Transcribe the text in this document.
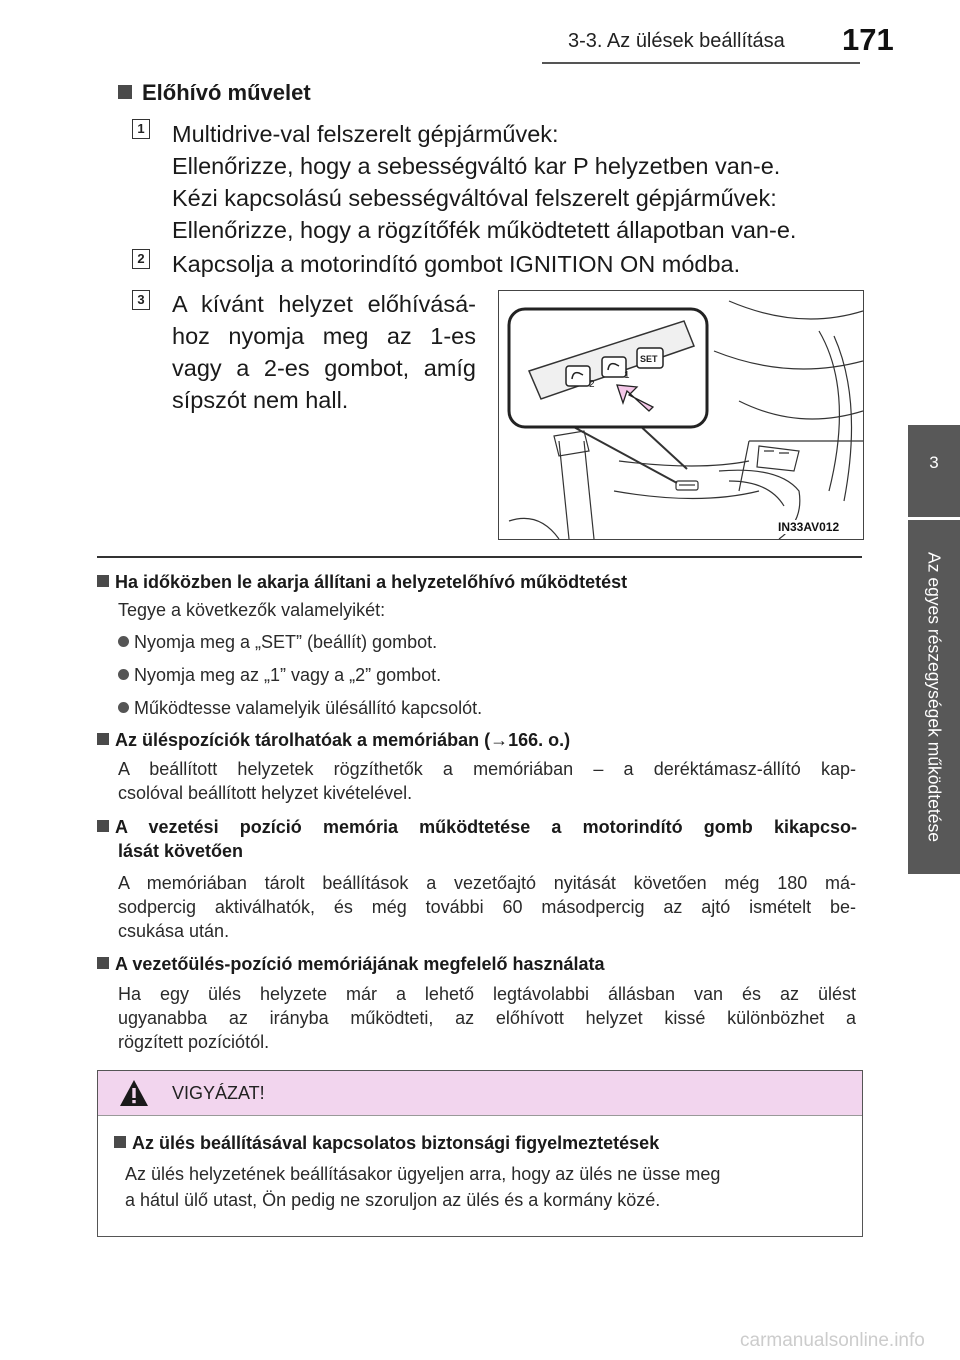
3-3. Az ülések beállítása 171
3
Az egyes részegységek működtetése
Előhívó művelet
1 Multidrive-val felszerelt gépjárművek:
Ellenőrizze, hogy a sebességváltó kar P helyzetben van-e.
Kézi kapcsolású sebességváltóval felszerelt gépjárművek:
Ellenőrizze, hogy a rögzítőfék működtetett állapotban van-e.
2 Kapcsolja a motorindító gombot IGNITION ON módba.
3 A kívánt helyzet előhívásá-
hoz nyomja meg az 1-es
vagy a 2-es gombot, amíg
sípszót nem hall.
2
1
SET
IN33AV012
Ha időközben le akarja állítani a helyzetelőhívó működtetést
Tegye a következők valamelyikét:
Nyomja meg a „SET” (beállít) gombot.
Nyomja meg az „1” vagy a „2” gombot.
Működtesse valamelyik ülésállító kapcsolót.
Az üléspozíciók tárolhatóak a memóriában (→166. o.)
A beállított helyzetek rögzíthetők a memóriában – a deréktámasz-állító kap-
csolóval beállított helyzet kivételével.
A vezetési pozíció memória működtetése a motorindító gomb kikapcso-
lását követően
A memóriában tárolt beállítások a vezetőajtó nyitását követően még 180 má-
sodpercig aktiválhatók, és még további 60 másodpercig az ajtó ismételt be-
csukása után.
A vezetőülés-pozíció memóriájának megfelelő használata
Ha egy ülés helyzete már a lehető legtávolabbi állásban van és az ülést
ugyanabba az irányba működteti, az előhívott helyzet kissé különbözhet a
rögzített pozíciótól.
VIGYÁZAT!
Az ülés beállításával kapcsolatos biztonsági figyelmeztetések
Az ülés helyzetének beállításakor ügyeljen arra, hogy az ülés ne üsse meg
a hátul ülő utast, Ön pedig ne szoruljon az ülés és a kormány közé.
carmanualsonline.info
